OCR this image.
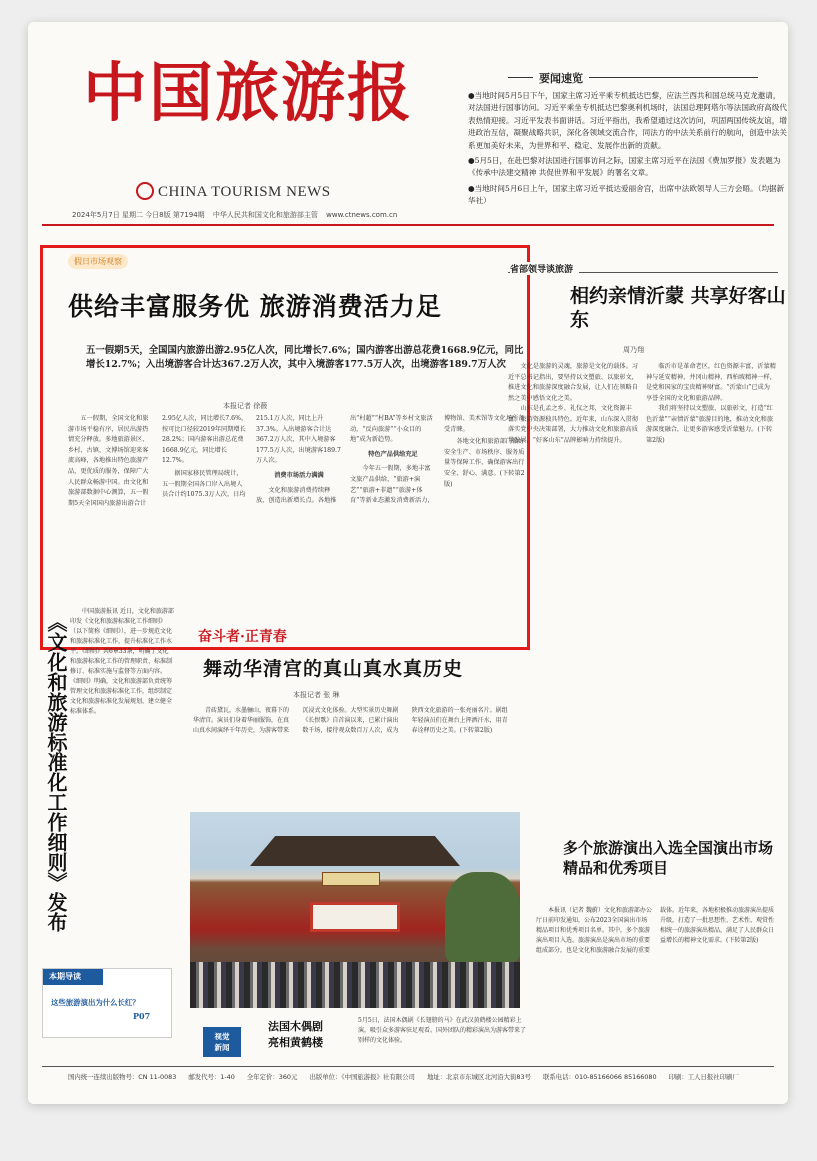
中国旅游报
CHINA TOURISM NEWS
2024年5月7日 星期二 今日8版 第7194期 中华人民共和国文化和旅游部主管 www.ctnews.com.cn
要闻速览

●当地时间5月5日下午，国家主席习近平乘专机抵达巴黎，应法兰西共和国总统马克龙邀请，对法国进行国事访问。习近平乘坐专机抵达巴黎奥利机场时，法国总理阿塔尔等法国政府高级代表热情迎接。习近平发表书面讲话。习近平指出，我希望通过这次访问，巩固两国传统友谊，增进政治互信，凝聚战略共识，深化各领域交流合作，同法方的中法关系前行的航向，创造中法关系更加美好未来，为世界和平、稳定、发展作出新的贡献。

●5月5日，在赴巴黎对法国进行国事访问之际，国家主席习近平在法国《费加罗报》发表题为《传承中法建交精神 共促世界和平发展》的署名文章。

●当地时间5月6日上午，国家主席习近平抵达爱丽舍宫，出席中法欧领导人三方会晤。（均据新华社）

假日市场观察
供给丰富服务优 旅游消费活力足
五一假期5天，全国国内旅游出游2.95亿人次，同比增长7.6%；国内游客出游总花费1668.9亿元，同比增长12.7%；入出境游客合计达367.2万人次，其中入境游客177.5万人次，出境游客189.7万人次
本报记者 徐薇

五一假期，全国文化和旅游市场平稳有序，居民出游热情充分释放。多地旅游景区、乡村、古镇、文博场馆迎来客流高峰，各地推出特色旅游产品，更优质的服务，保障广大人民群众畅游中国。由文化和旅游部数据中心测算，五一假期5天全国国内旅游出游合计2.95亿人次，同比增长7.6%，按可比口径较2019年同期增长28.2%；国内游客出游总花费1668.9亿元，同比增长12.7%。

据国家移民管理局统计，五一假期全国各口岸入出境人员合计约1075.3万人次，日均215.1万人次，同比上升37.3%。入出境游客合计达367.2万人次，其中入境游客177.5万人次，出境游客189.7万人次。

消费市场活力满满

文化和旅游消费持续释放，创造出新增长点。各地推出“村超”“村BA”等乡村文旅活动，“反向旅游”“小众目的地”成为新趋势。

特色产品供给充足

今年五一假期，多地丰富文旅产品供给，“旅游+演艺”“旅游+非遗”“旅游+体育”等新业态激发消费新活力，博物馆、美术馆等文化场所备受青睐。

各地文化和旅游部门做好安全生产、市场秩序、服务质量等保障工作，确保游客出行安全、舒心、满意。(下转第2版)

省部领导谈旅游
相约亲情沂蒙 共享好客山东
周乃翔

文化是旅游的灵魂，旅游是文化的载体。习近平总书记指出，要坚持以文塑旅、以旅彰文，推进文化和旅游深度融合发展，让人们在领略自然之美中感悟文化之美。

山东是孔孟之乡、礼仪之邦，文化资源丰富、旅游资源独具特色。近年来，山东深入贯彻落实党中央决策部署，大力推动文化和旅游高质量发展，“好客山东”品牌影响力持续提升。

临沂市是革命老区，红色资源丰富，沂蒙精神与延安精神、井冈山精神、西柏坡精神一样，是党和国家的宝贵精神财富。“沂蒙山”已成为享誉全国的文化和旅游品牌。

我们将坚持以文塑旅、以旅彰文，打造“红色沂蒙”“亲情沂蒙”旅游目的地，推动文化和旅游深度融合，让更多游客感受沂蒙魅力。(下转第2版)

《文化和旅游标准化工作细则》发布

中国旅游报讯 近日，文化和旅游部印发《文化和旅游标准化工作细则》（以下简称《细则》），进一步规范文化和旅游标准化工作，提升标准化工作水平。《细则》共6章33条，明确了文化和旅游标准化工作的管理职责、标准制修订、标准实施与监督等方面内容。《细则》明确，文化和旅游部负责统筹管理文化和旅游标准化工作，组织制定文化和旅游标准化发展规划，建立健全标准体系。

本期导读
这些旅游演出为什么长红？
P07
奋斗者·正青春
舞动华清宫的真山真水真历史
本报记者 张 琳

青砖黛瓦，水墨骊山，夜幕下的华清宫。演员们身着华丽服饰，在真山真水间演绎千年历史，为游客带来沉浸式文化体验。大型实景历史舞剧《长恨歌》自首演以来，已累计演出数千场，接待观众数百万人次，成为陕西文化旅游的一张亮丽名片。剧组年轻演员们在舞台上挥洒汗水，用青春诠释历史之美。(下转第2版)

视觉
新闻
法国木偶剧
亮相黄鹤楼
5月5日，法国木偶剧《长翅膀的马》在武汉黄鹤楼公园精彩上演，吸引众多游客驻足观看。国外团队的精彩演出为游客带来了别样的文化体验。
多个旅游演出入选全国演出市场精品和优秀项目

本报讯（记者 魏蔚）文化和旅游部办公厅日前印发通知，公布2023全国演出市场精品项目和优秀项目名单。其中，多个旅游演出项目入选。旅游演出是演出市场的重要组成部分，也是文化和旅游融合发展的重要载体。近年来，各地积极推动旅游演出提质升级，打造了一批思想性、艺术性、观赏性相统一的旅游演出精品，满足了人民群众日益增长的精神文化需求。(下转第2版)

国内统一连续出版物号：CN 11-0083 邮发代号：1-40 全年定价：360元 出版单位：《中国旅游报》社有限公司 地址：北京市东城区北河沿大街83号 联系电话：010-85166066 85166080 印刷：工人日报社印刷厂
